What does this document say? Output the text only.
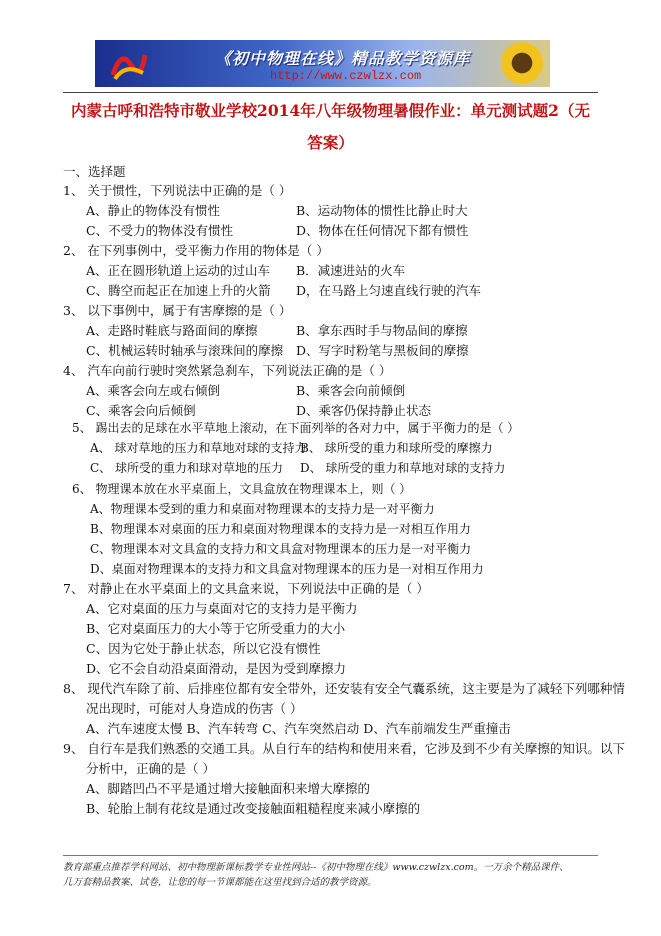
《初中物理在线》精品教学资源库
http://www.czwlzx.com
内蒙古呼和浩特市敬业学校2014年八年级物理暑假作业：单元测试题2（无
答案）
一、选择题
1、 关于惯性，下列说法中正确的是（ ）
A、静止的物体没有惯性	B、运动物体的惯性比静止时大
C、不受力的物体没有惯性	D、物体在任何情况下都有惯性
2、 在下列事例中，受平衡力作用的物体是（ ）
A、正在圆形轨道上运动的过山车 B．减速进站的火车
C、腾空而起正在加速上升的火箭 D，在马路上匀速直线行驶的汽车
3、 以下事例中，属于有害摩擦的是（ ）
A、走路时鞋底与路面间的摩擦	B、拿东西时手与物品间的摩擦
C、机械运转时轴承与滚珠间的摩擦 D、写字时粉笔与黑板间的摩擦
4、 汽车向前行驶时突然紧急刹车，下列说法正确的是（ ）
A、乘客会向左或右倾倒	B、乘客会向前倾倒
C、乘客会向后倾倒	D、乘客仍保持静止状态
5、 踢出去的足球在水平草地上滚动，在下面列举的各对力中，属于平衡力的是（ ）
A、 球对草地的压力和草地对球的支持力
B、 球所受的重力和球所受的摩擦力
C、 球所受的重力和球对草地的压力 D、 球所受的重力和草地对球的支持力
6、 物理课本放在水平桌面上，文具盒放在物理课本上，则（ ）
A、物理课本受到的重力和桌面对物理课本的支持力是一对平衡力
B、物理课本对桌面的压力和桌面对物理课本的支持力是一对相互作用力
C、物理课本对文具盒的支持力和文具盒对物理课本的压力是一对平衡力
D、桌面对物理课本的支持力和文具盒对物理课本的压力是一对相互作用力
7、 对静止在水平桌面上的文具盒来说，下列说法中正确的是（ ）
A、它对桌面的压力与桌面对它的支持力是平衡力
B、它对桌面压力的大小等于它所受重力的大小
C、因为它处于静止状态，所以它没有惯性
D、它不会自动沿桌面滑动，是因为受到摩擦力
8、 现代汽车除了前、后排座位都有安全带外，还安装有安全气囊系统，这主要是为了减轻下列哪种情
况出现时，可能对人身造成的伤害（ ）
A、汽车速度太慢 B、汽车转弯 C、汽车突然启动 D、汽车前端发生严重撞击
9、 自行车是我们熟悉的交通工具。从自行车的结构和使用来看，它涉及到不少有关摩擦的知识。以下
分析中，正确的是（ ）
A、脚踏凹凸不平是通过增大接触面积来增大摩擦的
B、轮胎上制有花纹是通过改变接触面粗糙程度来减小摩擦的
教育部重点推荐学科网站、初中物理新课标教学专业性网站--《初中物理在线》www.czwlzx.com。一万余个精品课件、
几万套精品教案、试卷，让您的每一节课都能在这里找到合适的教学资源。
